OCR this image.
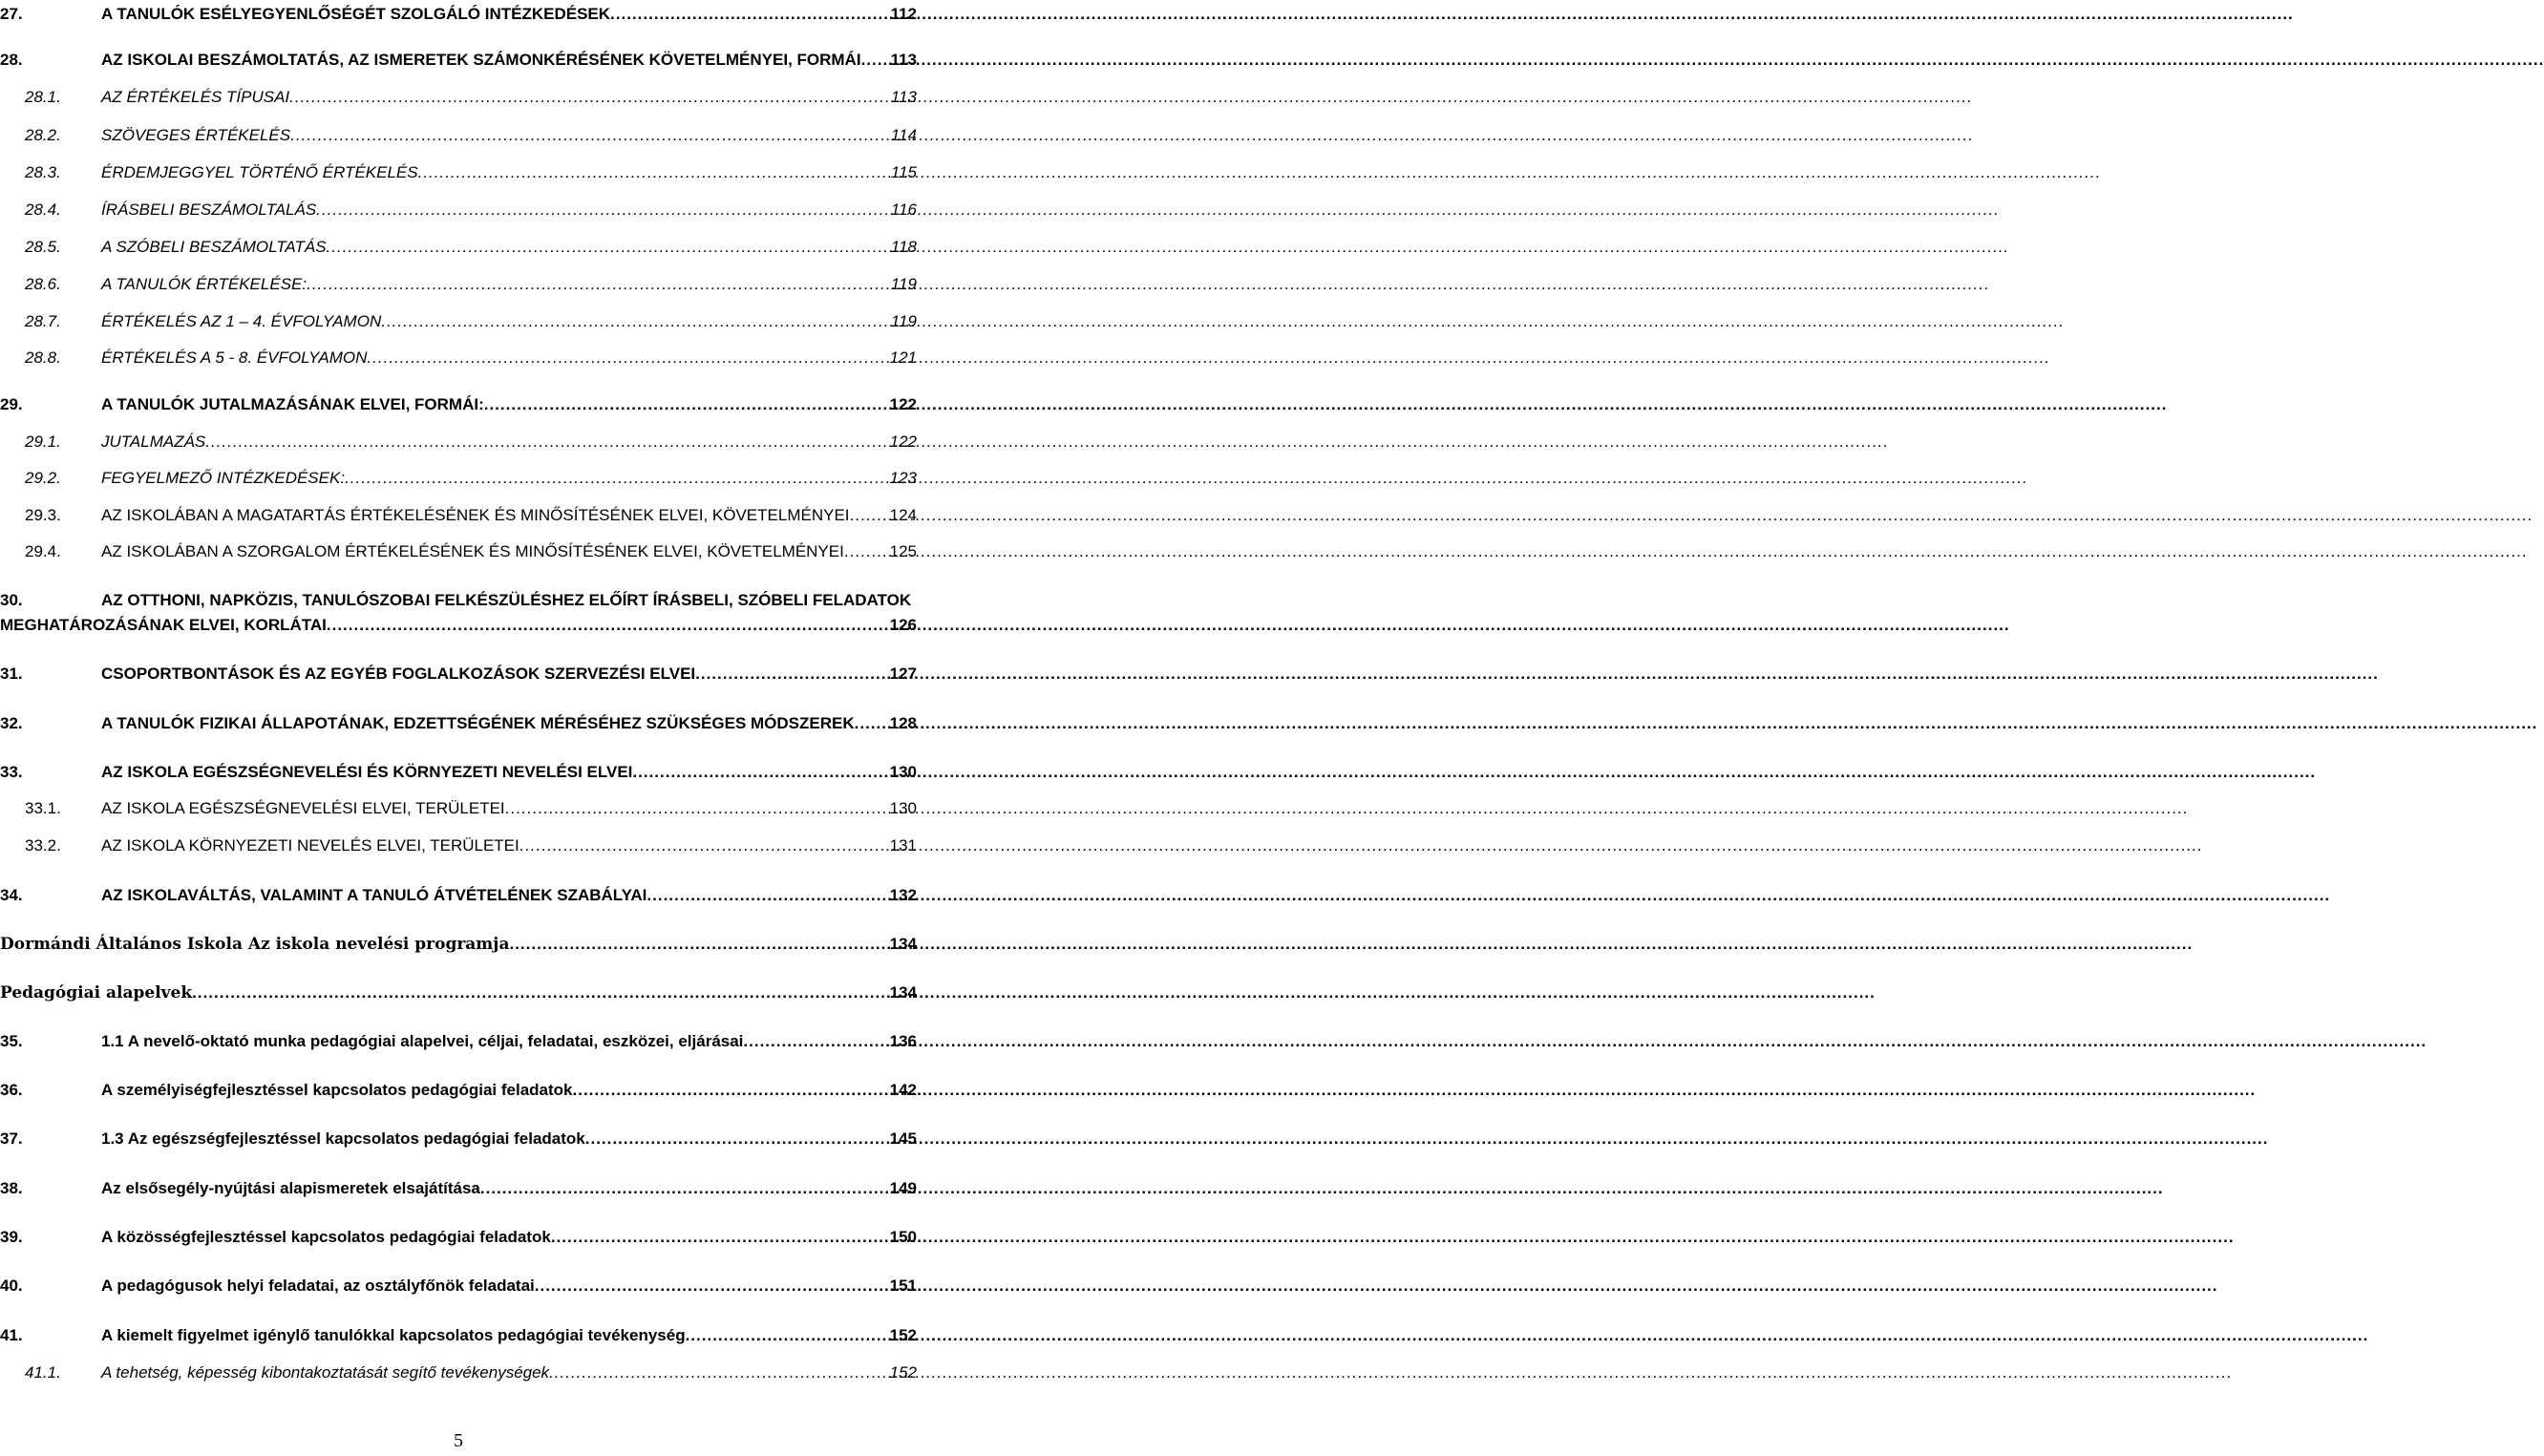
27.	A TANULÓK ESÉLYEGYENLŐSÉGÉT SZOLGÁLÓ INTÉZKEDÉSEK .....	112
28.	AZ ISKOLAI BESZÁMOLTATÁS, AZ ISMERETEK SZÁMONKÉRÉSÉNEK KÖVETELMÉNYEI, FORMÁI ..... 113
28.1. AZ ÉRTÉKELÉS TÍPUSAI .....	113
28.2. SZÖVEGES ÉRTÉKELÉS .....	114
28.3. ÉRDEMJEGGYEL TÖRTÉNŐ ÉRTÉKELÉS .....	115
28.4. ÍRÁSBELI BESZÁMOLTALÁS .....	116
28.5. A SZÓBELI BESZÁMOLTATÁS .....	118
28.6. A TANULÓK ÉRTÉKELÉSE: .....	119
28.7. ÉRTÉKELÉS AZ 1 – 4. ÉVFOLYAMON .....	119
28.8. ÉRTÉKELÉS A 5 - 8. ÉVFOLYAMON .....	121
29.	A TANULÓK JUTALMAZÁSÁNAK ELVEI, FORMÁI: .....	122
29.1. JUTALMAZÁS .....	122
29.2. FEGYELMEZŐ INTÉZKEDÉSEK: .....	123
29.3. AZ ISKOLÁBAN A MAGATARTÁS ÉRTÉKELÉSÉNEK ÉS MINŐSÍTÉSÉNEK ELVEI, KÖVETELMÉNYEI ..... 124
29.4. AZ ISKOLÁBAN A SZORGALOM ÉRTÉKELÉSÉNEK ÉS MINŐSÍTÉSÉNEK ELVEI, KÖVETELMÉNYEI .....	125
30.	AZ OTTHONI, NAPKÖZIS, TANULÓSZOBAI FELKÉSZÜLÉSHEZ ELŐÍRT ÍRÁSBELI, SZÓBELI FELADATOK
MEGHATÁROZÁSÁNAK ELVEI, KORLÁTAI .....	126
31.	CSOPORTBONTÁSOK ÉS AZ EGYÉB FOGLALKOZÁSOK SZERVEZÉSI ELVEI .....	127
32.	A TANULÓK FIZIKAI ÁLLAPOTÁNAK, EDZETTSÉGÉNEK MÉRÉSÉHEZ SZÜKSÉGES MÓDSZEREK ..... 128
33.	AZ ISKOLA EGÉSZSÉGNEVELÉSI ÉS KÖRNYEZETI NEVELÉSI ELVEI .....	130
33.1. AZ ISKOLA EGÉSZSÉGNEVELÉSI ELVEI, TERÜLETEI .....	130
33.2. AZ ISKOLA KÖRNYEZETI NEVELÉS ELVEI, TERÜLETEI .....	131
34.	AZ ISKOLAVÁLTÁS, VALAMINT A TANULÓ ÁTVÉTELÉNEK SZABÁLYAI .....	132
Dormándi Általános Iskola Az iskola nevelési programja .....	134
Pedagógiai alapelvek .....	134
35.	1.1 A nevelő-oktató munka pedagógiai alapelvei, céljai, feladatai, eszközei, eljárásai .....	136
36.	A személyiségfejlesztéssel kapcsolatos pedagógiai feladatok .....	142
37.	1.3 Az egészségfejlesztéssel kapcsolatos pedagógiai feladatok .....	145
38.	Az elsősegély-nyújtási alapismeretek elsajátítása .....	149
39.	A közösségfejlesztéssel kapcsolatos pedagógiai feladatok .....	150
40.	A pedagógusok helyi feladatai, az osztályfőnök feladatai .....	151
41.	A kiemelt figyelmet igénylő tanulókkal kapcsolatos pedagógiai tevékenység .....	152
41.1. A tehetség, képesség kibontakoztatását segítő tevékenységek .....	152
5
